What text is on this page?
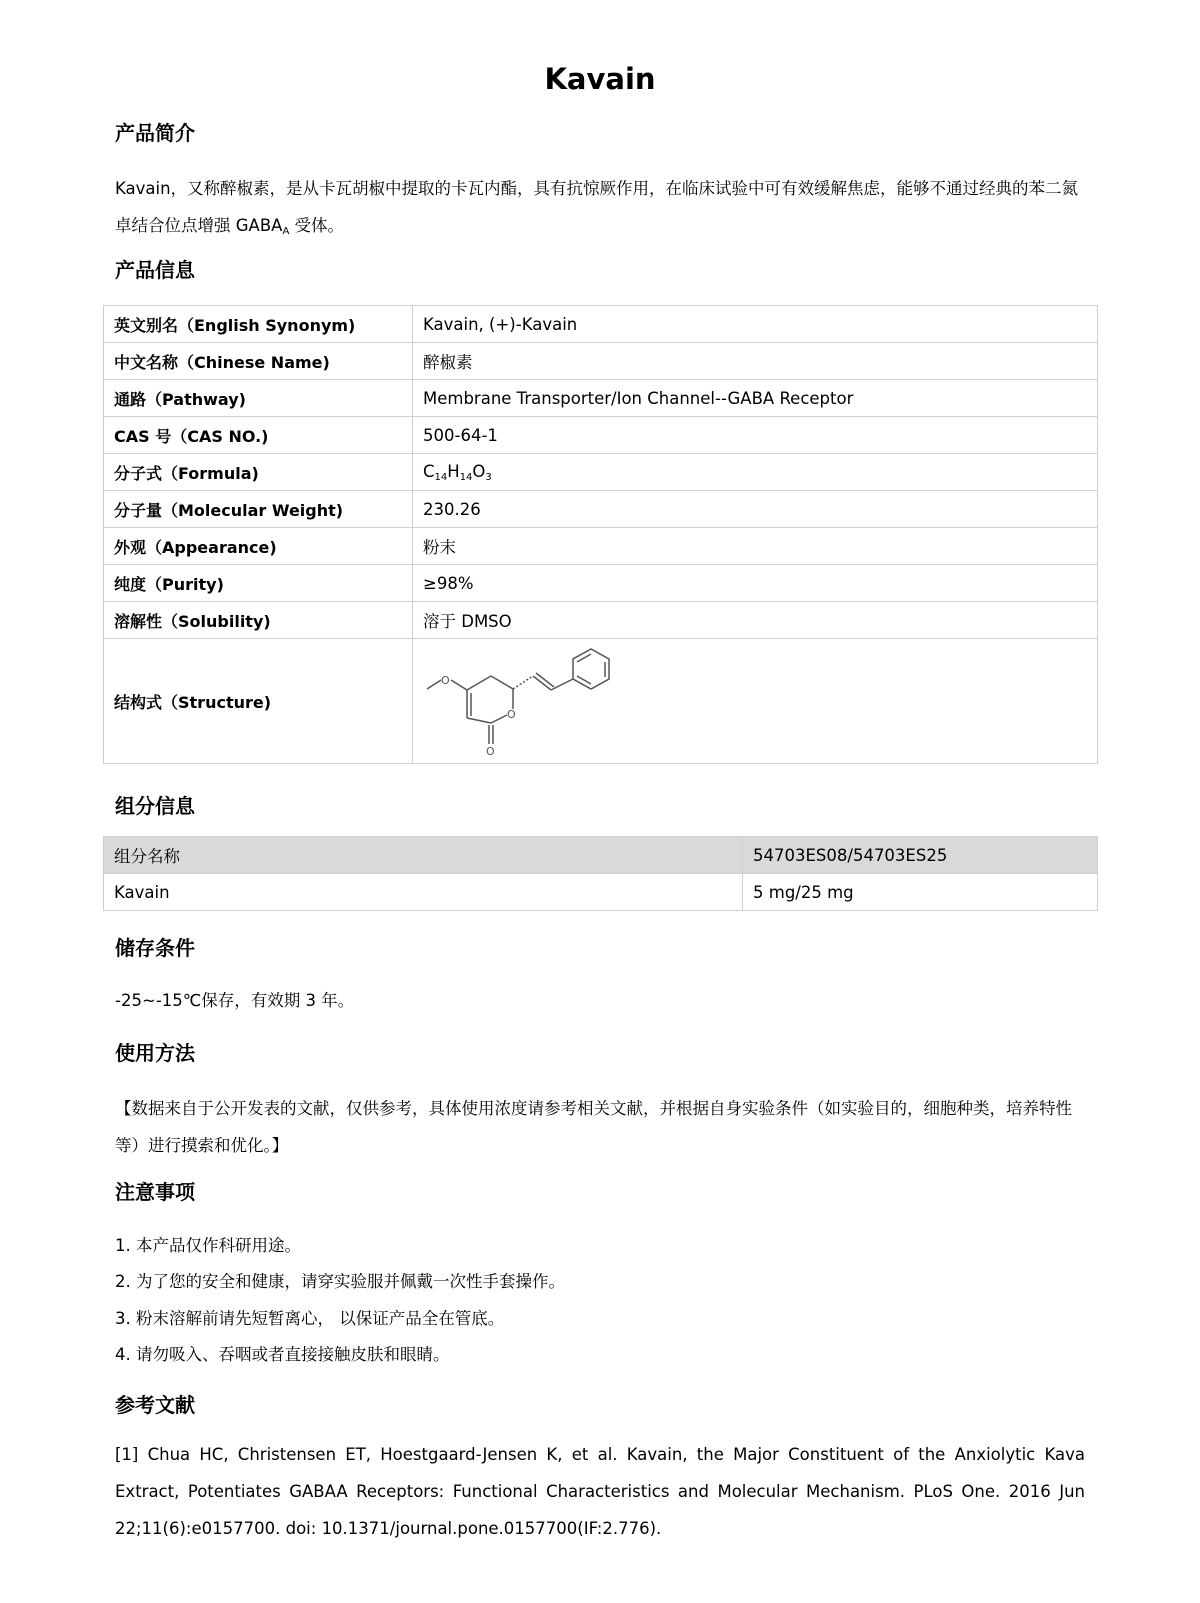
Kavain
产品简介
Kavain，又称醉椒素，是从卡瓦胡椒中提取的卡瓦内酯，具有抗惊厥作用，在临床试验中可有效缓解焦虑，能够不通过经典的苯二氮卓结合位点增强 $GABA_A$ 受体。
产品信息
英文别名（English Synonym)	Kavain, (+)-Kavain
中文名称（Chinese Name)	醉椒素
通路（Pathway)	Membrane Transporter/Ion Channel--GABA Receptor
CAS 号（CAS NO.)	500-64-1
分子式（Formula)	$C_{14}H_{14}O_3$
分子量（Molecular Weight)	230.26
外观（Appearance)	粉末
纯度（Purity)	≥98%
溶解性（Solubility)	溶于 DMSO
结构式（Structure)	O
O
O
组分信息
组分名称	54703ES08/54703ES25
Kavain	5 mg/25 mg
储存条件
-25~-15℃保存，有效期 3 年。
使用方法
【数据来自于公开发表的文献，仅供参考，具体使用浓度请参考相关文献，并根据自身实验条件（如实验目的，细胞种类，培养特性等）进行摸索和优化。】
注意事项
1. 本产品仅作科研用途。
2. 为了您的安全和健康，请穿实验服并佩戴一次性手套操作。
3. 粉末溶解前请先短暂离心， 以保证产品全在管底。
4. 请勿吸入、吞咽或者直接接触皮肤和眼睛。
参考文献
[1] Chua HC, Christensen ET, Hoestgaard-Jensen K, et al. Kavain, the Major Constituent of the Anxiolytic Kava Extract, Potentiates GABAA Receptors: Functional Characteristics and Molecular Mechanism. PLoS One. 2016 Jun 22;11(6):e0157700. doi: 10.1371/journal.pone.0157700(IF:2.776).
